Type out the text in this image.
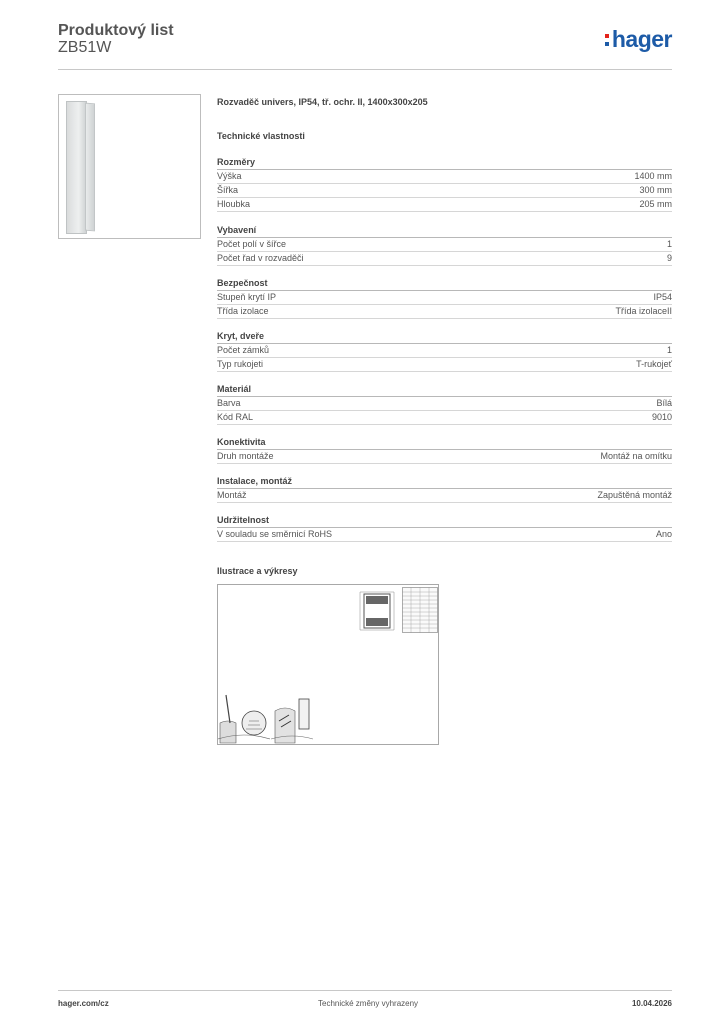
Produktový list
ZB51W	hager
Rozvaděč univers, IP54, tř. ochr. II, 1400x300x205
Technické vlastnosti
Rozměry
Výška	1400 mm
Šířka	300 mm
Hloubka	205 mm
Vybavení
Počet polí v šířce	1
Počet řad v rozvaděči	9
Bezpečnost
Stupeň krytí IP	IP54
Třída izolace	Třída izolaceII
Kryt, dveře
Počet zámků	1
Typ rukojeti	T-rukojeť
Materiál
Barva	Bílá
Kód RAL	9010
Konektivita
Druh montáže	Montáž na omítku
Instalace, montáž
Montáž	Zapuštěná montáž
Udržitelnost
V souladu se směrnicí RoHS	Ano
Ilustrace a výkresy
hager.com/cz	Technické změny vyhrazeny	10.04.2026
